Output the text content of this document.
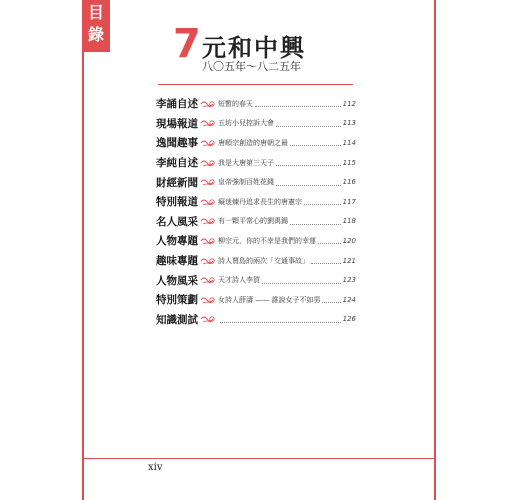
目
錄 7 元和中興
八〇五年～八二五年
李誦自述	短暫的春天	112
現場報道	五坊小兒控訴大會	113
逸聞趣事	唐順宗創造的唐朝之最	114
李純自述	我是大唐第三天子	115
財經新聞	皇帝強制百姓花錢	116
特別報道	癡迷煉丹追求長生的唐憲宗	117
名人風采	有一顆平常心的劉禹錫	118
人物專題	柳宗元，你的不幸是我們的幸運	120
趣味專題	詩人賈島的兩次「交通事故」	121
人物風采	天才詩人李賀	123
特別策劃	女詩人薛濤 —— 誰說女子不如男	124
知識測試	126
xiv
